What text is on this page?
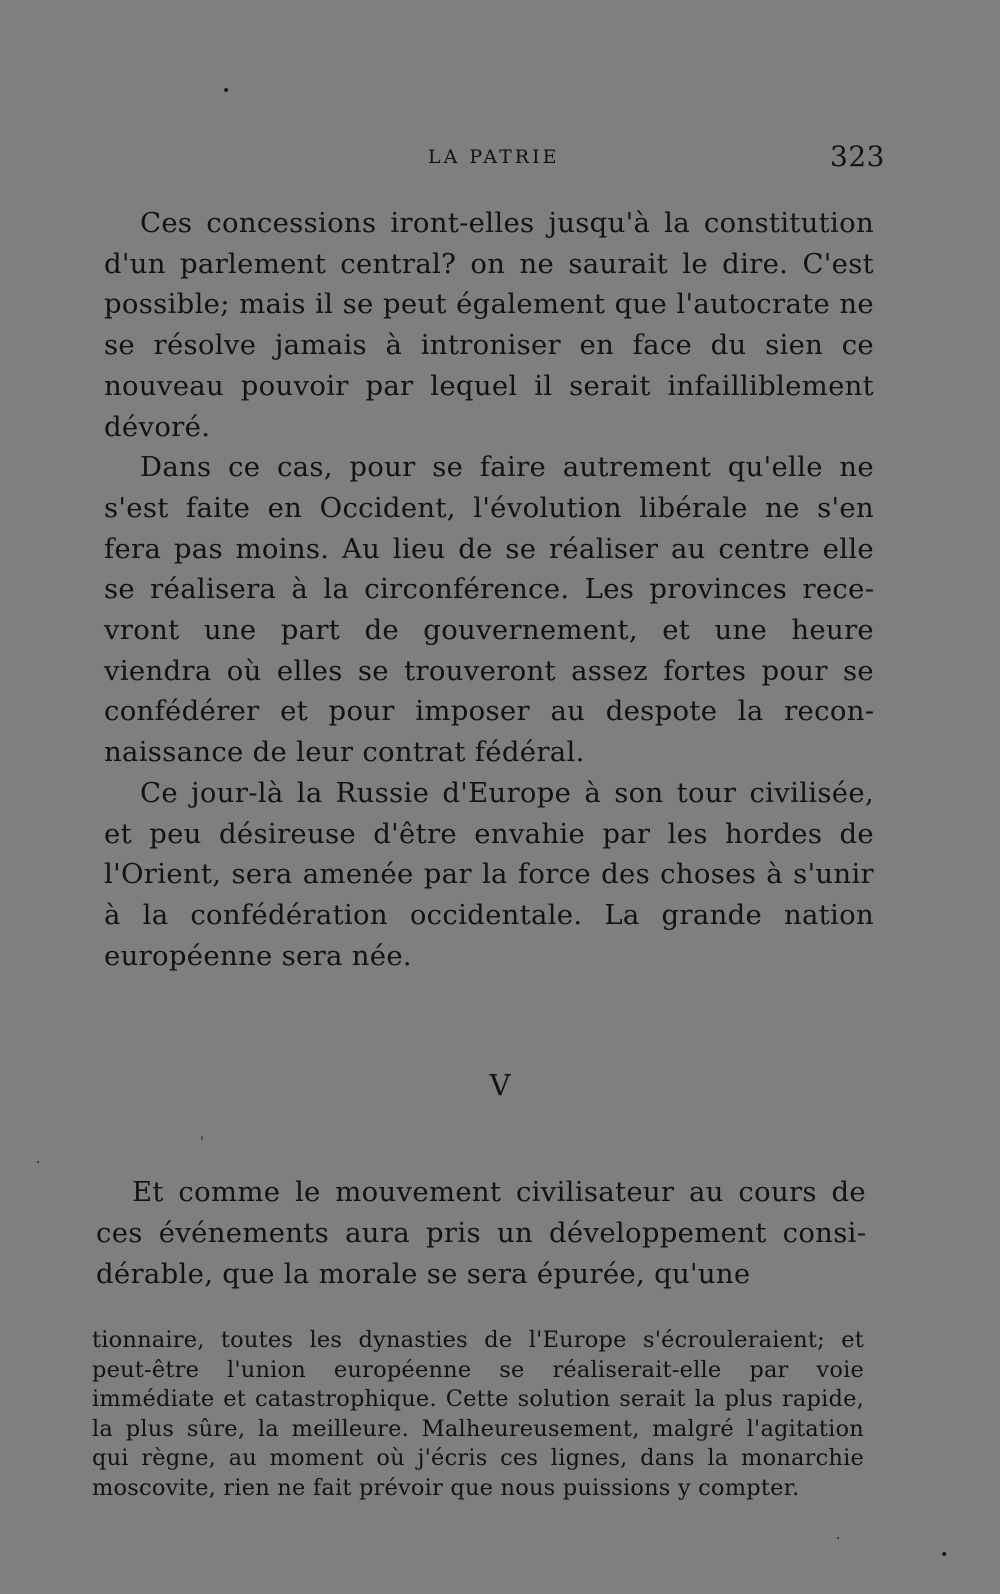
•
ˈ
·
·
•
LA PATRIE	323

Ces concessions iront-elles jusqu'à la constitution d'un parlement central? on ne saurait le dire. C'est possible; mais il se peut également que l'autocrate ne se résolve jamais à introniser en face du sien ce nouveau pouvoir par lequel il serait infailliblement dévoré.

Dans ce cas, pour se faire autrement qu'elle ne s'est faite en Occident, l'évolution libérale ne s'en fera pas moins. Au lieu de se réaliser au centre elle se réalisera à la circonférence. Les provinces recevront une part de gouvernement, et une heure viendra où elles se trouveront assez fortes pour se confédérer et pour imposer au despote la reconnaissance de leur contrat fédéral.

Ce jour-là la Russie d'Europe à son tour civilisée, et peu désireuse d'être envahie par les hordes de l'Orient, sera amenée par la force des choses à s'unir à la confédération occidentale. La grande nation européenne sera née.

V

Et comme le mouvement civilisateur au cours de ces événements aura pris un développement considérable, que la morale se sera épurée, qu'une

tionnaire, toutes les dynasties de l'Europe s'écrouleraient; et peut-être l'union européenne se réaliserait-elle par voie immédiate et catastrophique. Cette solution serait la plus rapide, la plus sûre, la meilleure. Malheureusement, malgré l'agitation qui règne, au moment où j'écris ces lignes, dans la monarchie moscovite, rien ne fait prévoir que nous puissions y compter.
